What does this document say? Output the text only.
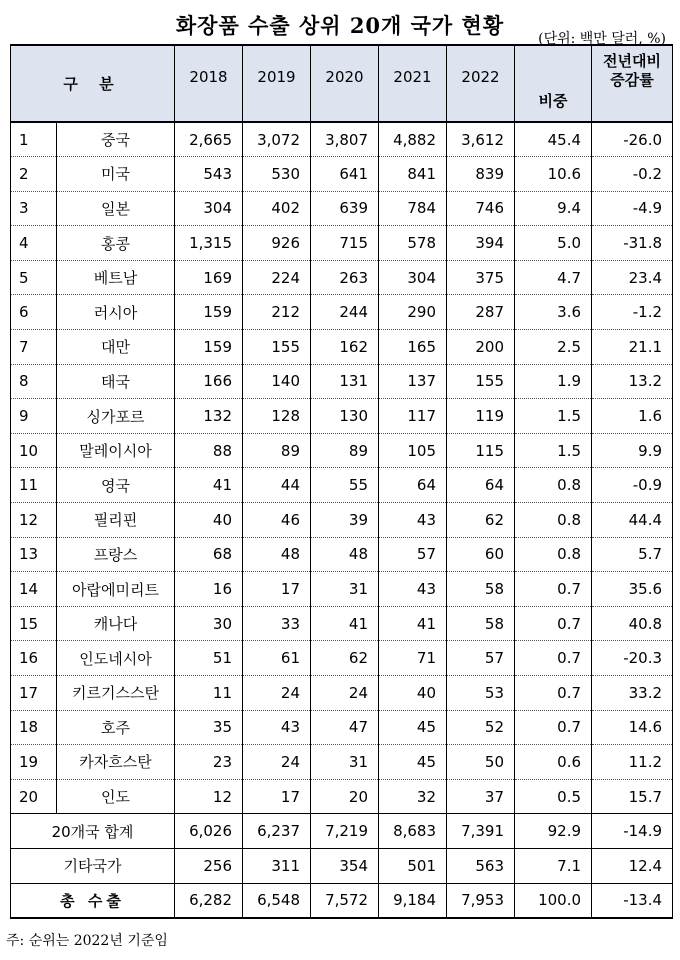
화장품 수출 상위 20개 국가 현황
(단위: 백만 달러, %)
구 분		2018	2019	2020	2021	2022	비중	전년대비
증감률

1	중국	2,665	3,072	3,807	4,882	3,612	45.4	-26.0
2	미국	543	530	641	841	839	10.6	-0.2
3	일본	304	402	639	784	746	9.4	-4.9
4	홍콩	1,315	926	715	578	394	5.0	-31.8
5	베트남	169	224	263	304	375	4.7	23.4
6	러시아	159	212	244	290	287	3.6	-1.2
7	대만	159	155	162	165	200	2.5	21.1
8	태국	166	140	131	137	155	1.9	13.2
9	싱가포르	132	128	130	117	119	1.5	1.6
10	말레이시아	88	89	89	105	115	1.5	9.9
11	영국	41	44	55	64	64	0.8	-0.9
12	필리핀	40	46	39	43	62	0.8	44.4
13	프랑스	68	48	48	57	60	0.8	5.7
14	아랍에미리트	16	17	31	43	58	0.7	35.6
15	캐나다	30	33	41	41	58	0.7	40.8
16	인도네시아	51	61	62	71	57	0.7	-20.3
17	키르기스스탄	11	24	24	40	53	0.7	33.2
18	호주	35	43	47	45	52	0.7	14.6
19	카자흐스탄	23	24	31	45	50	0.6	11.2
20	인도	12	17	20	32	37	0.5	15.7
20개국 합계		6,026	6,237	7,219	8,683	7,391	92.9	-14.9
기타국가		256	311	354	501	563	7.1	12.4
총 수출		6,282	6,548	7,572	9,184	7,953	100.0	-13.4
주: 순위는 2022년 기준임
